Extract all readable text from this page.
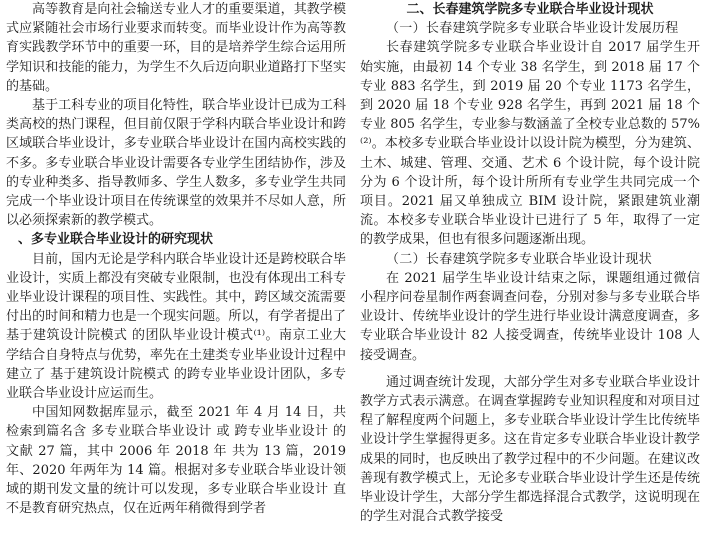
高等教育是向社会输送专业人才的重要渠道，其教学模式应紧随社会市场行业要求而转变。而毕业设计作为高等教育实践教学环节中的重要一环，目的是培养学生综合运用所学知识和技能的能力，为学生不久后迈向职业道路打下坚实的基础。

基于工科专业的项目化特性，联合毕业设计已成为工科类高校的热门课程，但目前仅限于学科内联合毕业设计和跨区域联合毕业设计，多专业联合毕业设计在国内高校实践的不多。多专业联合毕业设计需要各专业学生团结协作，涉及的专业种类多、指导教师多、学生人数多，多专业学生共同完成一个毕业设计项目在传统课堂的效果并不尽如人意，所以必须探索新的教学模式。

、多专业联合毕业设计的研究现状

目前，国内无论是学科内联合毕业设计还是跨校联合毕业设计，实质上都没有突破专业限制，也没有体现出工科专业毕业设计课程的项目性、实践性。其中，跨区域交流需要付出的时间和精力也是一个现实问题。所以，有学者提出了 基于建筑设计院模式 的团队毕业设计模式⁽¹⁾。南京工业大学结合自身特点与优势，率先在土建类专业毕业设计过程中建立了 基于建筑设计院模式 的跨专业毕业设计团队，多专业联合毕业设计应运而生。

中国知网数据库显示，截至 2021 年 4 月 14 日，共检索到篇名含 多专业联合毕业设计 或 跨专业毕业设计 的文献 27 篇，其中 2006 年 2018 年 共为 13 篇，2019 年、2020 年两年为 14 篇。根据对多专业联合毕业设计领域的期刊发文量的统计可以发现，多专业联合毕业设计 直不是教育研究热点，仅在近两年稍微得到学者

二、长春建筑学院多专业联合毕业设计现状

（一）长春建筑学院多专业联合毕业设计发展历程

长春建筑学院多专业联合毕业设计自 2017 届学生开始实施，由最初 14 个专业 38 名学生，到 2018 届 17 个专业 883 名学生，到 2019 届 20 个专业 1173 名学生，到 2020 届 18 个专业 928 名学生，再到 2021 届 18 个专业 805 名学生，专业参与数涵盖了全校专业总数的 57%⁽²⁾。本校多专业联合毕业设计以设计院为模型，分为建筑、土木、城建、管理、交通、艺术 6 个设计院，每个设计院分为 6 个设计所，每个设计所所有专业学生共同完成一个项目。2021 届又单独成立 BIM 设计院，紧跟建筑业潮流。本校多专业联合毕业设计已进行了 5 年，取得了一定的教学成果，但也有很多问题逐渐出现。

（二）长春建筑学院多专业联合毕业设计现状

在 2021 届学生毕业设计结束之际，课题组通过微信小程序问卷星制作两套调查问卷，分别对参与多专业联合毕业设计、传统毕业设计的学生进行毕业设计满意度调查，多专业联合毕业设计 82 人接受调查，传统毕业设计 108 人接受调查。

通过调查统计发现，大部分学生对多专业联合毕业设计教学方式表示满意。在调查掌握跨专业知识程度和对项目过程了解程度两个问题上，多专业联合毕业设计学生比传统毕业设计学生掌握得更多。这在肯定多专业联合毕业设计教学成果的同时，也反映出了教学过程中的不少问题。在建议改善现有教学模式上，无论多专业联合毕业设计学生还是传统毕业设计学生，大部分学生都选择混合式教学，这说明现在的学生对混合式教学接受
